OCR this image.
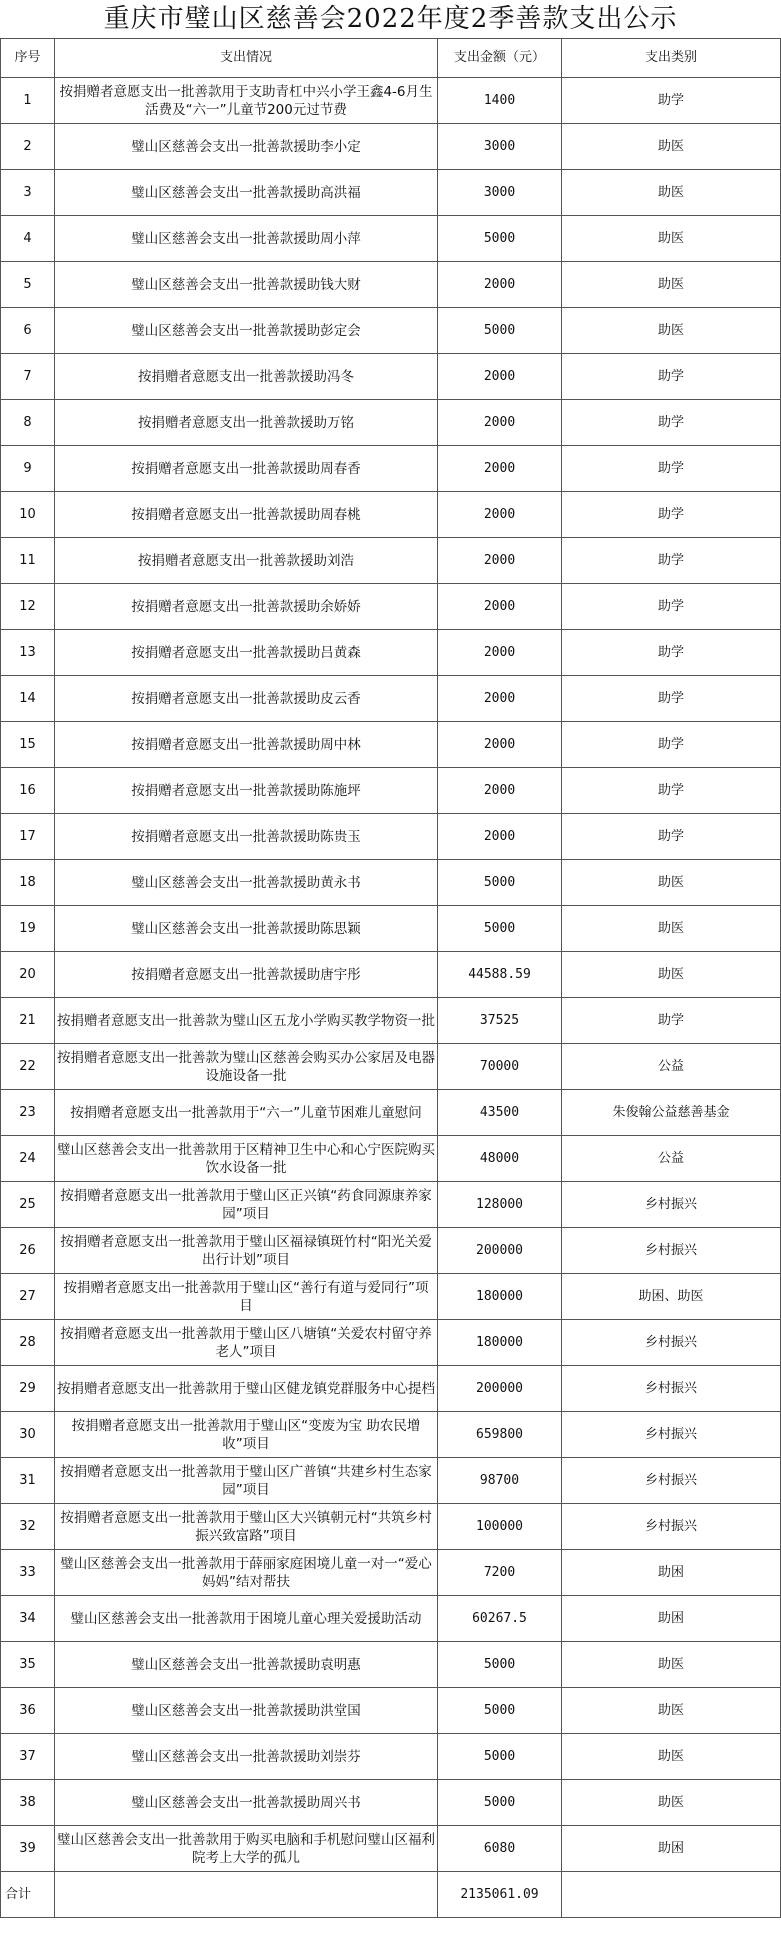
重庆市璧山区慈善会2022年度2季善款支出公示
序号	支出情况	支出金额（元）	支出类别
1	按捐赠者意愿支出一批善款用于支助青杠中兴小学王鑫4-6月生活费及“六一”儿童节200元过节费	1400	助学
2	璧山区慈善会支出一批善款援助李小定	3000	助医
3	璧山区慈善会支出一批善款援助高洪福	3000	助医
4	璧山区慈善会支出一批善款援助周小萍	5000	助医
5	璧山区慈善会支出一批善款援助钱大财	2000	助医
6	璧山区慈善会支出一批善款援助彭定会	5000	助医
7	按捐赠者意愿支出一批善款援助冯冬	2000	助学
8	按捐赠者意愿支出一批善款援助万铭	2000	助学
9	按捐赠者意愿支出一批善款援助周春香	2000	助学
10	按捐赠者意愿支出一批善款援助周春桃	2000	助学
11	按捐赠者意愿支出一批善款援助刘浩	2000	助学
12	按捐赠者意愿支出一批善款援助余娇娇	2000	助学
13	按捐赠者意愿支出一批善款援助吕黄森	2000	助学
14	按捐赠者意愿支出一批善款援助皮云香	2000	助学
15	按捐赠者意愿支出一批善款援助周中林	2000	助学
16	按捐赠者意愿支出一批善款援助陈施坪	2000	助学
17	按捐赠者意愿支出一批善款援助陈贵玉	2000	助学
18	璧山区慈善会支出一批善款援助黄永书	5000	助医
19	璧山区慈善会支出一批善款援助陈思颖	5000	助医
20	按捐赠者意愿支出一批善款援助唐宇彤	44588.59	助医
21	按捐赠者意愿支出一批善款为璧山区五龙小学购买教学物资一批	37525	助学
22	按捐赠者意愿支出一批善款为璧山区慈善会购买办公家居及电器设施设备一批	70000	公益
23	按捐赠者意愿支出一批善款用于“六一”儿童节困难儿童慰问	43500	朱俊翰公益慈善基金
24	璧山区慈善会支出一批善款用于区精神卫生中心和心宁医院购买饮水设备一批	48000	公益
25	按捐赠者意愿支出一批善款用于璧山区正兴镇“药食同源康养家园”项目	128000	乡村振兴
26	按捐赠者意愿支出一批善款用于璧山区福禄镇斑竹村“阳光关爱出行计划”项目	200000	乡村振兴
27	按捐赠者意愿支出一批善款用于璧山区“善行有道与爱同行”项目	180000	助困、助医
28	按捐赠者意愿支出一批善款用于璧山区八塘镇“关爱农村留守养老人”项目	180000	乡村振兴
29	按捐赠者意愿支出一批善款用于璧山区健龙镇党群服务中心提档	200000	乡村振兴
30	按捐赠者意愿支出一批善款用于璧山区“变废为宝 助农民增收”项目	659800	乡村振兴
31	按捐赠者意愿支出一批善款用于璧山区广普镇“共建乡村生态家园”项目	98700	乡村振兴
32	按捐赠者意愿支出一批善款用于璧山区大兴镇朝元村“共筑乡村振兴致富路”项目	100000	乡村振兴
33	璧山区慈善会支出一批善款用于薛丽家庭困境儿童一对一“爱心妈妈”结对帮扶	7200	助困
34	璧山区慈善会支出一批善款用于困境儿童心理关爱援助活动	60267.5	助困
35	璧山区慈善会支出一批善款援助袁明惠	5000	助医
36	璧山区慈善会支出一批善款援助洪堂国	5000	助医
37	璧山区慈善会支出一批善款援助刘崇芬	5000	助医
38	璧山区慈善会支出一批善款援助周兴书	5000	助医
39	璧山区慈善会支出一批善款用于购买电脑和手机慰问璧山区福利院考上大学的孤儿	6080	助困
合计		2135061.09	
